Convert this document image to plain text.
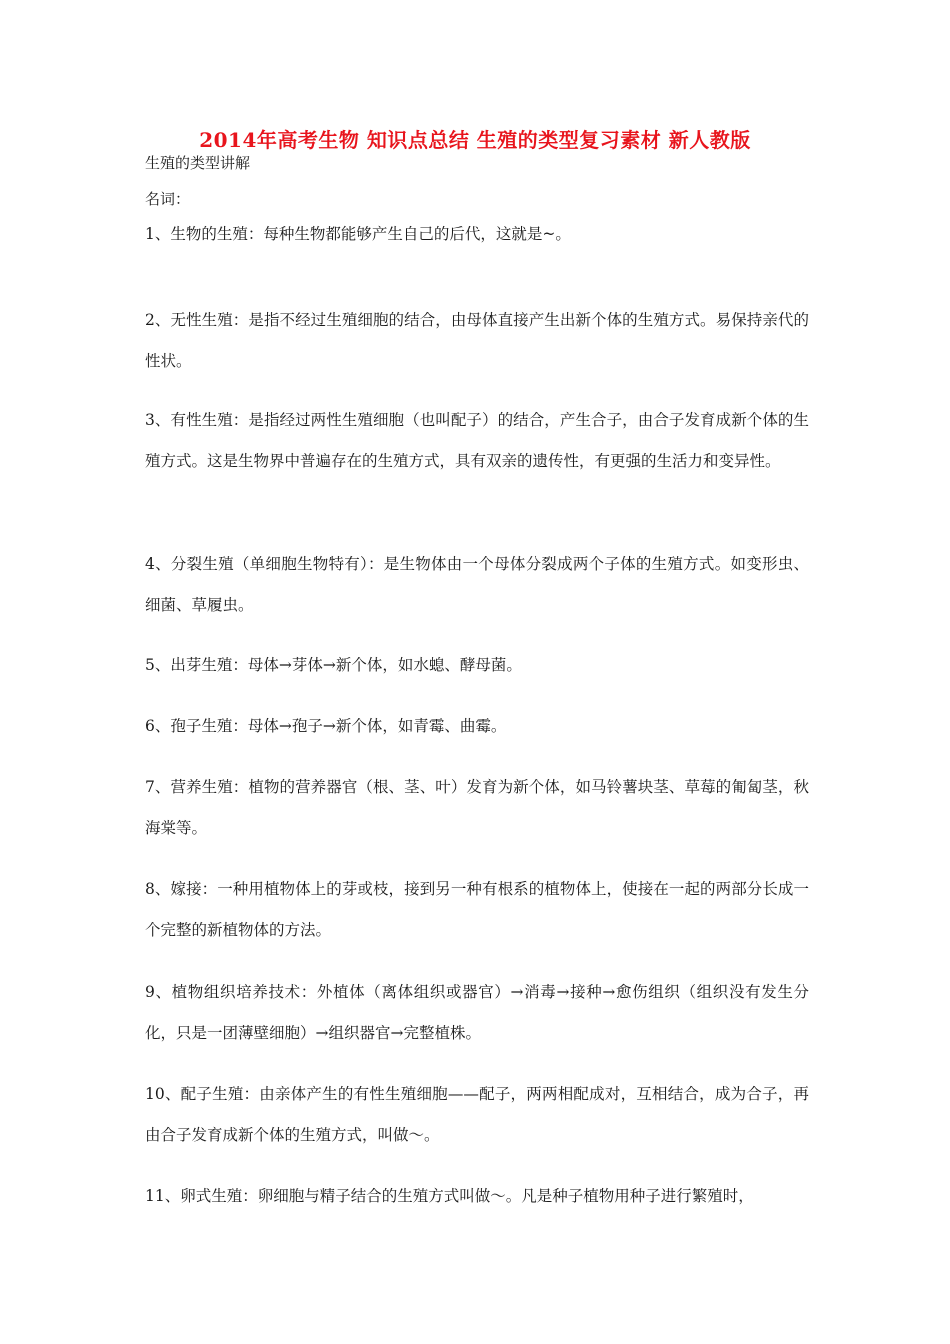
2014年高考生物 知识点总结 生殖的类型复习素材 新人教版
生殖的类型讲解
名词：

1、生物的生殖：每种生物都能够产生自己的后代，这就是~。

2、无性生殖：是指不经过生殖细胞的结合，由母体直接产生出新个体的生殖方式。易保持亲代的性状。

3、有性生殖：是指经过两性生殖细胞（也叫配子）的结合，产生合子，由合子发育成新个体的生殖方式。这是生物界中普遍存在的生殖方式，具有双亲的遗传性，有更强的生活力和变异性。

4、分裂生殖（单细胞生物特有）：是生物体由一个母体分裂成两个子体的生殖方式。如变形虫、细菌、草履虫。

5、出芽生殖：母体→芽体→新个体，如水螅、酵母菌。

6、孢子生殖：母体→孢子→新个体，如青霉、曲霉。

7、营养生殖：植物的营养器官（根、茎、叶）发育为新个体，如马铃薯块茎、草莓的匍匐茎，秋海棠等。

8、嫁接：一种用植物体上的芽或枝，接到另一种有根系的植物体上，使接在一起的两部分长成一个完整的新植物体的方法。

9、植物组织培养技术：外植体（离体组织或器官）→消毒→接种→愈伤组织（组织没有发生分化，只是一团薄壁细胞）→组织器官→完整植株。

10、配子生殖：由亲体产生的有性生殖细胞——配子，两两相配成对，互相结合，成为合子，再由合子发育成新个体的生殖方式，叫做～。

11、卵式生殖：卵细胞与精子结合的生殖方式叫做～。凡是种子植物用种子进行繁殖时，
